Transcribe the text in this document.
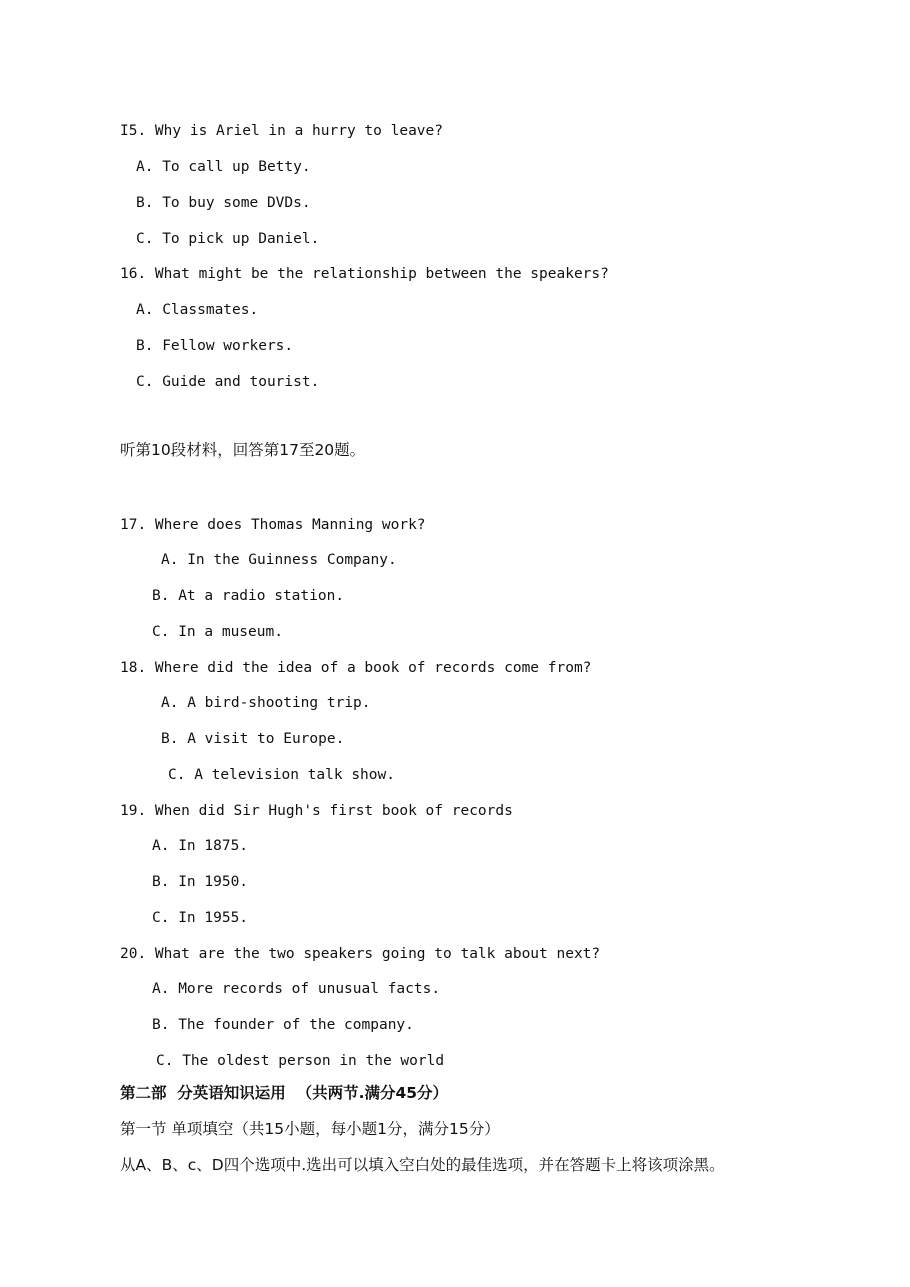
I5. Why is Ariel in a hurry to leave?
A. To call up Betty.
B. To buy some DVDs.
C. To pick up Daniel.
16. What might be the relationship between the speakers?
A. Classmates.
B. Fellow workers.
C. Guide and tourist.
听第10段材料，回答第17至20题。
17. Where does Thomas Manning work?
A. In the Guinness Company.
B. At a radio station.
C. In a museum.
18. Where did the idea of a book of records come from?
A. A bird-shooting trip.
B. A visit to Europe.
C. A television talk show.
19. When did Sir Hugh's first book of records
A. In 1875.
B. In 1950.
C. In 1955.
20. What are the two speakers going to talk about next?
A. More records of unusual facts.
B. The founder of the company.
C. The oldest person in the world
第二部  分英语知识运用  （共两节.满分45分）
第一节 单项填空（共15小题，每小题1分，满分15分）
从A、B、c、D四个选项中.选出可以填入空白处的最佳选项，并在答题卡上将该项涂黑。
